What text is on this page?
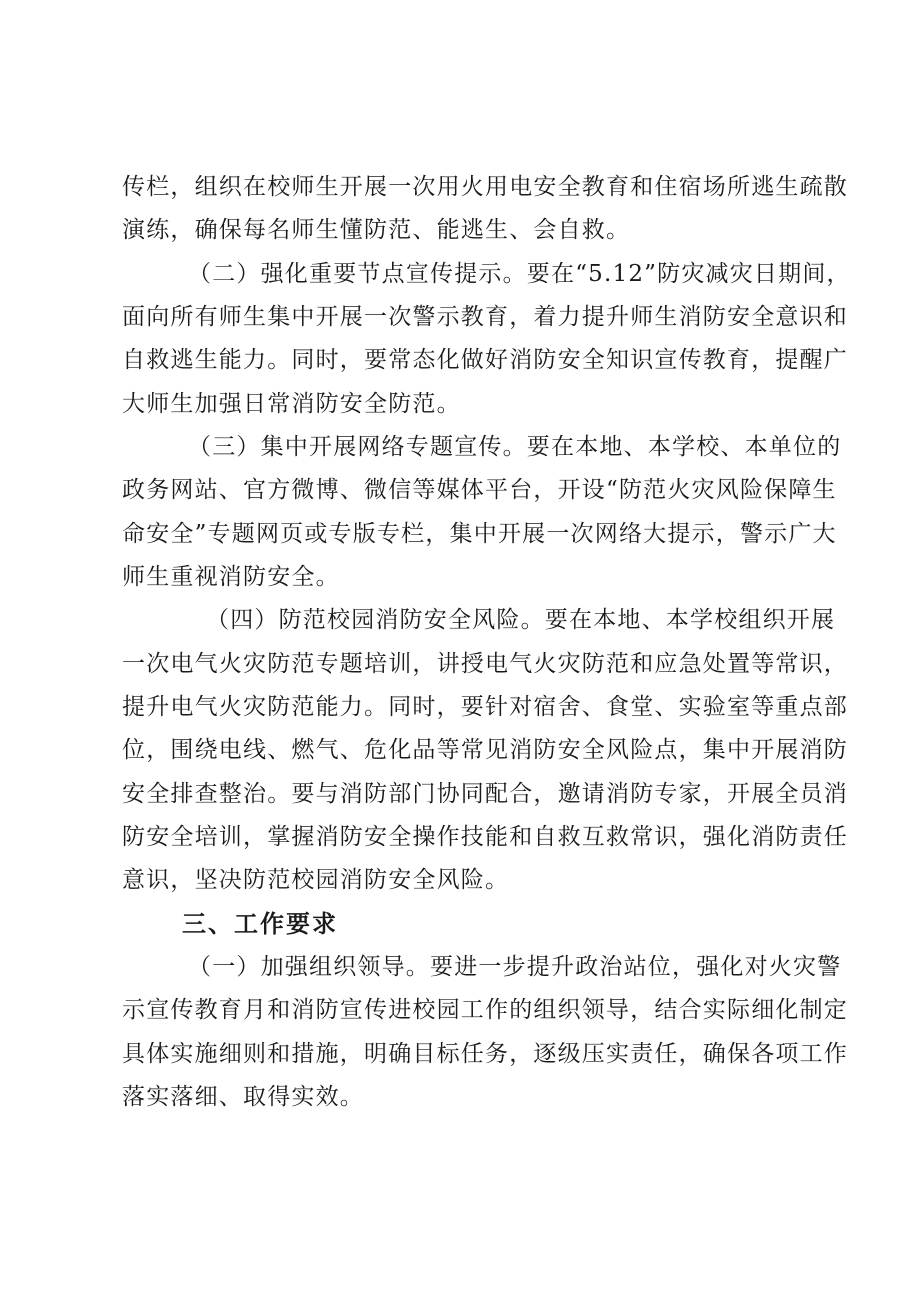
传栏，组织在校师生开展一次用火用电安全教育和住宿场所逃生疏散
演练，确保每名师生懂防范、能逃生、会自救。
（二）强化重要节点宣传提示。要在“5.12”防灾减灾日期间，
面向所有师生集中开展一次警示教育，着力提升师生消防安全意识和
自救逃生能力。同时，要常态化做好消防安全知识宣传教育，提醒广
大师生加强日常消防安全防范。
（三）集中开展网络专题宣传。要在本地、本学校、本单位的
政务网站、官方微博、微信等媒体平台，开设“防范火灾风险保障生
命安全”专题网页或专版专栏，集中开展一次网络大提示，警示广大
师生重视消防安全。
（四）防范校园消防安全风险。要在本地、本学校组织开展
一次电气火灾防范专题培训，讲授电气火灾防范和应急处置等常识，
提升电气火灾防范能力。同时，要针对宿舍、食堂、实验室等重点部
位，围绕电线、燃气、危化品等常见消防安全风险点，集中开展消防
安全排查整治。要与消防部门协同配合，邀请消防专家，开展全员消
防安全培训，掌握消防安全操作技能和自救互救常识，强化消防责任
意识，坚决防范校园消防安全风险。
三、工作要求
（一）加强组织领导。要进一步提升政治站位，强化对火灾警
示宣传教育月和消防宣传进校园工作的组织领导，结合实际细化制定
具体实施细则和措施，明确目标任务，逐级压实责任，确保各项工作
落实落细、取得实效。
